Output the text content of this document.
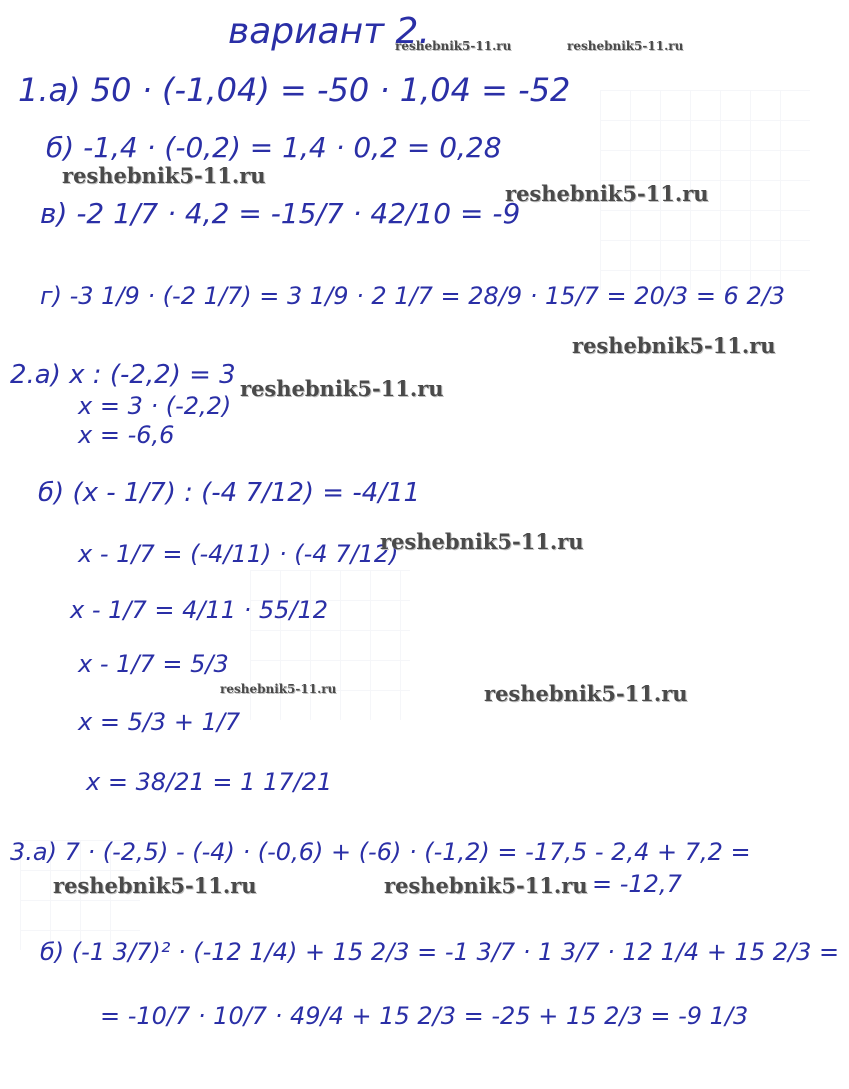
вариант 2.
1.а) 50 · (-1,04) = -50 · 1,04 = -52
б) -1,4 · (-0,2) = 1,4 · 0,2 = 0,28
в) -2 1/7 · 4,2 = -15/7 · 42/10 = -9
г) -3 1/9 · (-2 1/7) = 3 1/9 · 2 1/7 = 28/9 · 15/7 = 20/3 = 6 2/3
2.а) x : (-2,2) = 3
x = 3 · (-2,2)
x = -6,6
б) (x - 1/7) : (-4 7/12) = -4/11
x - 1/7 = (-4/11) · (-4 7/12)
x - 1/7 = 4/11 · 55/12
x - 1/7 = 5/3
x = 5/3 + 1/7
x = 38/21 = 1 17/21
3.а) 7 · (-2,5) - (-4) · (-0,6) + (-6) · (-1,2) = -17,5 - 2,4 + 7,2 =
= -12,7
б) (-1 3/7)² · (-12 1/4) + 15 2/3 = -1 3/7 · 1 3/7 · 12 1/4 + 15 2/3 =
= -10/7 · 10/7 · 49/4 + 15 2/3 = -25 + 15 2/3 = -9 1/3
reshebnik5-11.ru	reshebnik5-11.ru
reshebnik5-11.ru
reshebnik5-11.ru
reshebnik5-11.ru
reshebnik5-11.ru
reshebnik5-11.ru
reshebnik5-11.ru	reshebnik5-11.ru
reshebnik5-11.ru	reshebnik5-11.ru
